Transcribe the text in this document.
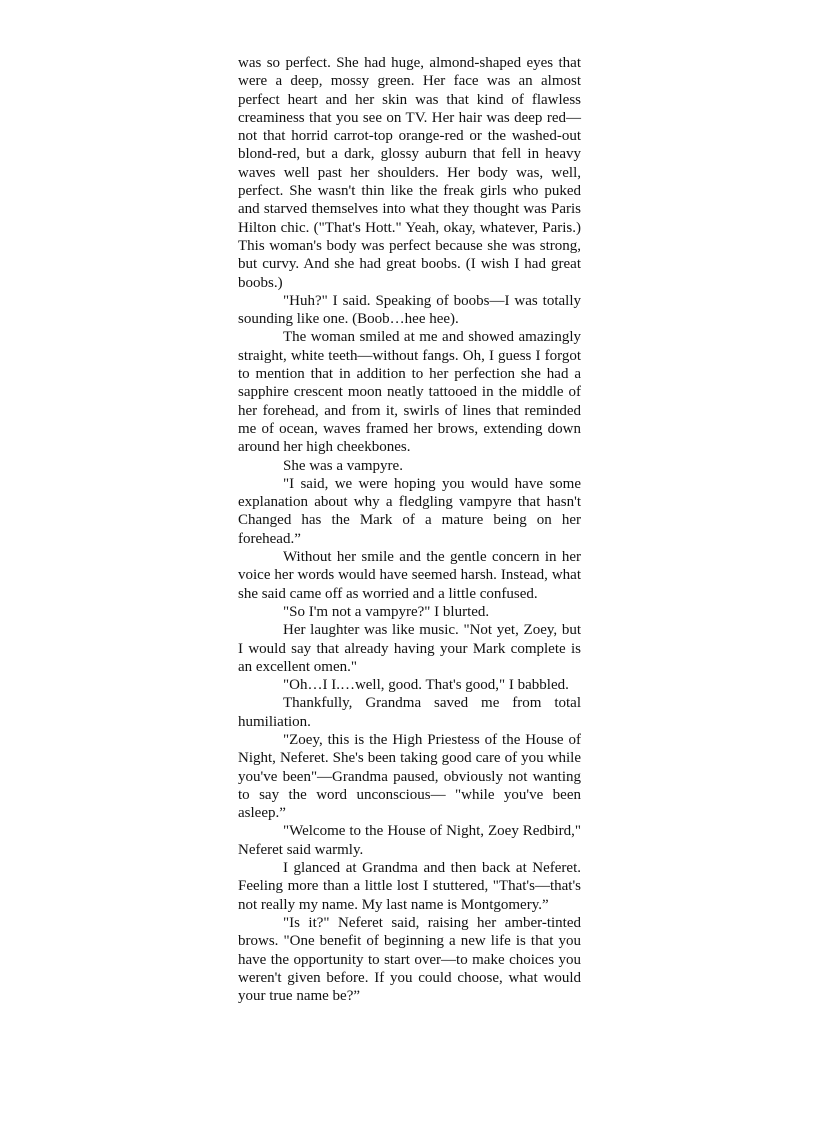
was so perfect. She had huge, almond-shaped eyes that were a deep, mossy green. Her face was an almost perfect heart and her skin was that kind of flawless creaminess that you see on TV. Her hair was deep red—not that horrid carrot-top orange-red or the washed-out blond-red, but a dark, glossy auburn that fell in heavy waves well past her shoulders. Her body was, well, perfect. She wasn't thin like the freak girls who puked and starved themselves into what they thought was Paris Hilton chic. ("That's Hott." Yeah, okay, whatever, Paris.) This woman's body was perfect because she was strong, but curvy. And she had great boobs. (I wish I had great boobs.)

"Huh?" I said. Speaking of boobs—I was totally sounding like one. (Boob…hee hee).

The woman smiled at me and showed amazingly straight, white teeth—without fangs. Oh, I guess I forgot to mention that in addition to her perfection she had a sapphire crescent moon neatly tattooed in the middle of her forehead, and from it, swirls of lines that reminded me of ocean, waves framed her brows, extending down around her high cheekbones.

She was a vampyre.

"I said, we were hoping you would have some explanation about why a fledgling vampyre that hasn't Changed has the Mark of a mature being on her forehead.”

Without her smile and the gentle concern in her voice her words would have seemed harsh. Instead, what she said came off as worried and a little confused.

"So I'm not a vampyre?" I blurted.

Her laughter was like music. "Not yet, Zoey, but I would say that already having your Mark complete is an excellent omen."

"Oh…I I.…well, good. That's good," I babbled.

Thankfully, Grandma saved me from total humiliation.

"Zoey, this is the High Priestess of the House of Night, Neferet. She's been taking good care of you while you've been"—Grandma paused, obviously not wanting to say the word unconscious— "while you've been asleep.”

"Welcome to the House of Night, Zoey Redbird," Neferet said warmly.

I glanced at Grandma and then back at Neferet. Feeling more than a little lost I stuttered, "That's—that's not really my name. My last name is Montgomery.”

"Is it?" Neferet said, raising her amber-tinted brows. "One benefit of beginning a new life is that you have the opportunity to start over—to make choices you weren't given before. If you could choose, what would your true name be?”
